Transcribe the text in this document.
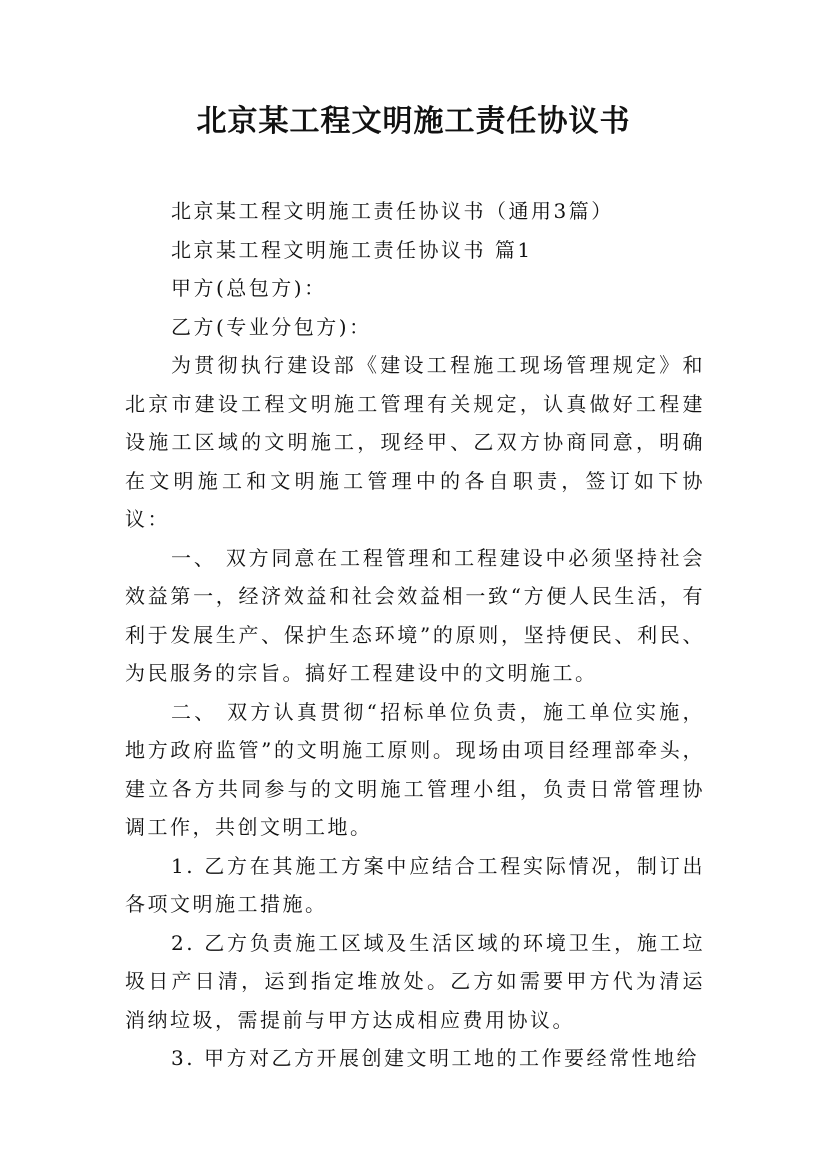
北京某工程文明施工责任协议书

北京某工程文明施工责任协议书（通用3篇）

北京某工程文明施工责任协议书 篇1

甲方(总包方)：

乙方(专业分包方)：

为贯彻执行建设部《建设工程施工现场管理规定》和北京市建设工程文明施工管理有关规定，认真做好工程建设施工区域的文明施工，现经甲、乙双方协商同意，明确在文明施工和文明施工管理中的各自职责，签订如下协议：

一、 双方同意在工程管理和工程建设中必须坚持社会效益第一，经济效益和社会效益相一致“方便人民生活，有利于发展生产、保护生态环境”的原则，坚持便民、利民、为民服务的宗旨。搞好工程建设中的文明施工。

二、 双方认真贯彻“招标单位负责，施工单位实施，地方政府监管”的文明施工原则。现场由项目经理部牵头，建立各方共同参与的文明施工管理小组，负责日常管理协调工作，共创文明工地。

1. 乙方在其施工方案中应结合工程实际情况，制订出各项文明施工措施。

2. 乙方负责施工区域及生活区域的环境卫生，施工垃圾日产日清，运到指定堆放处。乙方如需要甲方代为清运消纳垃圾，需提前与甲方达成相应费用协议。

3. 甲方对乙方开展创建文明工地的工作要经常性地给
